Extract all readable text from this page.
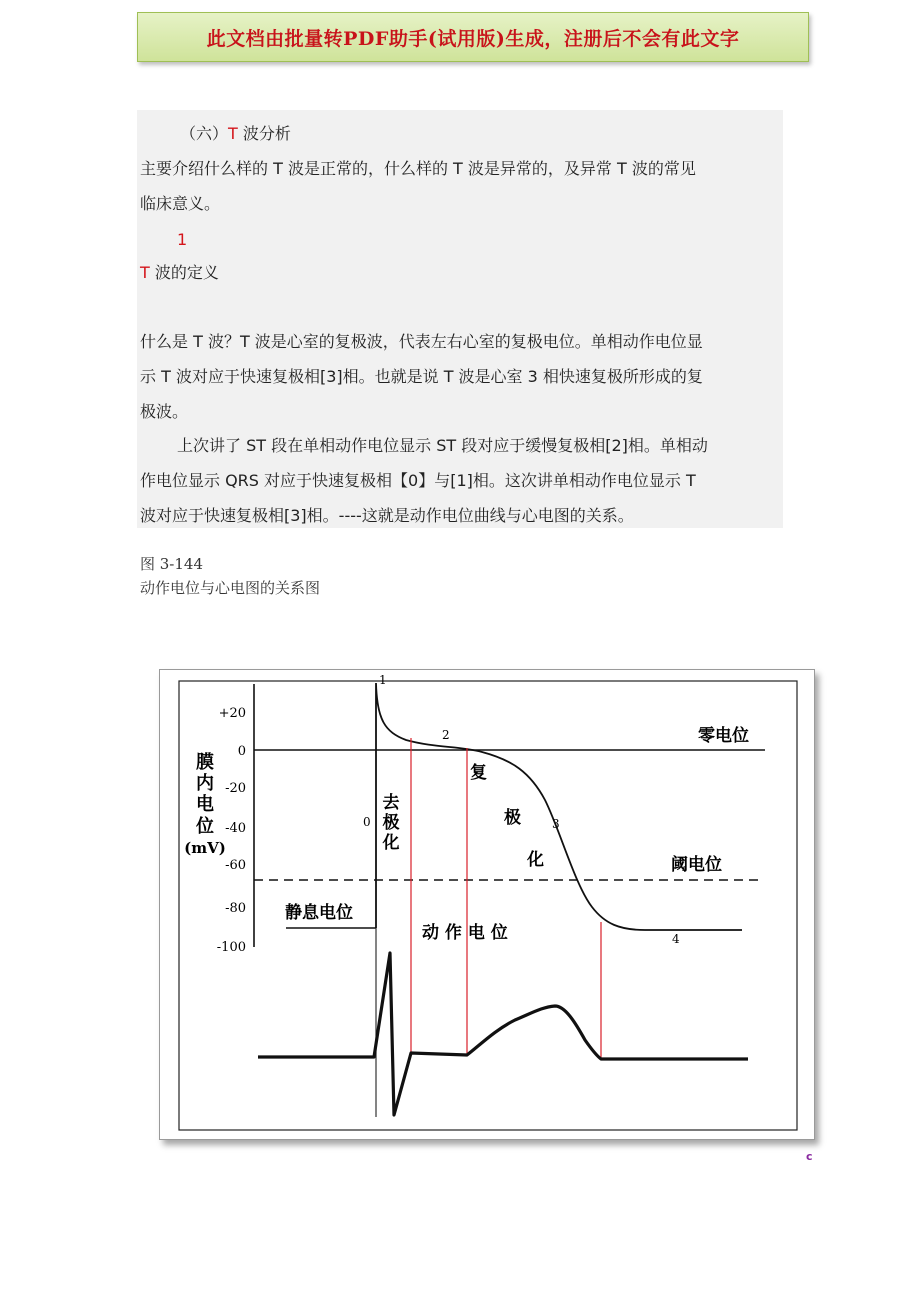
此文档由批量转PDF助手(试用版)生成，注册后不会有此文字
（六）T 波分析
主要介绍什么样的 T 波是正常的，什么样的 T 波是异常的，及异常 T 波的常见
临床意义。
1
T 波的定义
什么是 T 波？T 波是心室的复极波，代表左右心室的复极电位。单相动作电位显
示 T 波对应于快速复极相[3]相。也就是说 T 波是心室 3 相快速复极所形成的复
极波。
上次讲了 ST 段在单相动作电位显示 ST 段对应于缓慢复极相[2]相。单相动
作电位显示 QRS 对应于快速复极相【0】与[1]相。这次讲单相动作电位显示 T
波对应于快速复极相[3]相。----这就是动作电位曲线与心电图的关系。
图 3-144
动作电位与心电图的关系图
+20
0
-20
-40
-60
-80
-100
膜
内
电
位
(mV)
零电位
阈电位
静息电位
1
2
3
4
0
去
极
化
复
极
化
动 作 电 位
c
